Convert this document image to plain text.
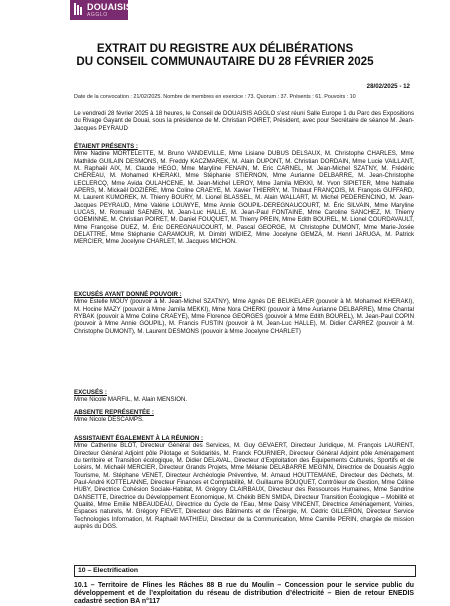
DOUAISIS
AGGLO
EXTRAIT DU REGISTRE AUX DÉLIBÉRATIONS
DU CONSEIL COMMUNAUTAIRE DU 28 FÉVRIER 2025
28/02/2025 - 12
Date de la convocation : 21/02/2025. Nombre de membres en exercice : 73. Quorum : 37. Présents : 61. Pouvoirs : 10

Le vendredi 28 février 2025 à 18 heures, le Conseil de DOUAISIS AGGLO s’est réuni Salle Europe 1 du Parc des Expositions du Rivage Gayant de Douai, sous la présidence de M. Christian POIRET, Président, avec pour Secrétaire de séance M. Jean-Jacques PEYRAUD

ÉTAIENT PRÉSENTS :

Mme Nadine MORTELETTE, M. Bruno VANDEVILLE, Mme Lisiane DUBUS DELSAUX, M. Christophe CHARLES, Mme Mathilde GUILAIN DESMONS, M. Freddy KACZMAREK, M. Alain DUPONT, M. Christian DORDAIN, Mme Lucie VAILLANT, M. Raphaël AIX, M. Claude HEGO, Mme Maryline FENAIN, M. Eric CARNEL, M. Jean-Michel SZATNY, M. Frédéric CHÉREAU, M. Mohamed KHERAKI, Mme Stéphanie STIERNON, Mme Aurianne DELBARRE, M. Jean-Christophe LECLERCQ, Mme Avida OULAHCENE, M. Jean-Michel LEROY, Mme Jamila MEKKI, M. Yvon SIPIETER, Mme Nathalie APERS, M. Mickaël DOZIÈRE, Mme Coline CRAEYE, M. Xavier THIERRY, M. Thibaut FRANÇOIS, M. François GUFFARD, M. Laurent KUMOREK, M. Thierry BOURY, M. Lionel BLASSEL, M. Alain WALLART, M. Michel PEDERENCINO, M. Jean-Jacques PEYRAUD, Mme Valérie LOUWYE, Mme Annie GOUPIL-DEREGNAUCOURT, M. Éric SILVAIN, Mme Maryline LUCAS, M. Romuald SAENEN, M. Jean-Luc HALLE, M. Jean-Paul FONTAINE, Mme Caroline SANCHEZ, M. Thierry GOEMINNE, M. Christian POIRET, M. Daniel FOUQUET, M. Thierry PREIN, Mme Edith BOUREL, M. Lionel COURDAVAULT, Mme Françoise DUEZ, M. Éric DEREGNAUCOURT, M. Pascal GEORGE, M. Christophe DUMONT, Mme Marie-Josée DELATTRE, Mme Stéphanie CARAMOUR, M. Dimitri WIDIEZ, Mme Jocelyne GEMZA, M. Henri JARUGA, M. Patrick MERCIER, Mme Jocelyne CHARLET, M. Jacques MICHON.

EXCUSÉS AYANT DONNÉ POUVOIR :

Mme Estelle MOUY (pouvoir à M. Jean-Michel SZATNY), Mme Agnès DE BEUKELAER (pouvoir à M. Mohamed KHERAKI), M. Hocine MAZY (pouvoir à Mme Jamila MEKKI), Mme Nora CHERKI (pouvoir à Mme Aurianne DELBARRE), Mme Chantal RYBAK (pouvoir à Mme Coline CRAEYE), Mme Florence GEORGES (pouvoir à Mme Edith BOUREL), M. Jean-Paul COPIN (pouvoir à Mme Annie GOUPIL), M. Francis FUSTIN (pouvoir à M. Jean-Luc HALLE), M. Didier CARREZ (pouvoir à M. Christophe DUMONT), M. Laurent DESMONS (pouvoir à Mme Jocelyne CHARLET)

EXCUSÉS :

Mme Nicole MARFIL, M. Alain MENSION.

ABSENTE REPRÉSENTÉE :

Mme Nicole DESCAMPS.

ASSISTAIENT ÉGALEMENT À LA RÉUNION :

Mme Catherine BLOT, Directeur Général des Services, M. Guy GEVAERT, Directeur Juridique, M. François LAURENT, Directeur Général Adjoint pôle Pilotage et Solidarités, M. Franck FOURNIER, Directeur Général Adjoint pôle Aménagement du territoire et Transition écologique, M. Didier DELAVAL, Directeur d’Exploitation des Équipements Culturels, Sportifs et de Loisirs, M. Michaël MERCIER, Directeur Grands Projets, Mme Mélanie DELABARRE MEGNIN, Directrice de Douaisis Agglo Tourisme, M. Stéphane VENET, Directeur Archéologie Préventive, M. Arnaud HOUTTEMANE, Directeur des Déchets, M. Paul-André KOTTELANNE, Directeur Finances et Comptabilité, M. Guillaume BOUQUET, Contrôleur de Gestion, Mme Céline HUBY, Directrice Cohésion Sociale-Habitat, M. Grégory CLAIRBAUX, Directeur des Ressources Humaines, Mme Sandrine DANSETTE, Directrice du Développement Economique, M. Chékib BEN SMIDA, Directeur Transition Écologique – Mobilité et Qualité, Mme Emilie NIBEAUDEAU, Directrice du Cycle de l’Eau, Mme Daisy VINCENT, Directrice Aménagement, Voiries, Espaces naturels, M. Grégory FIEVET, Directeur des Bâtiments et de l’Énergie, M. Cédric GILLERON, Directeur Service Technologies Information, M. Raphaël MATHIEU, Directeur de la Communication, Mme Camille PERIN, chargée de mission auprès du DGS.

10 – Electrification
10.1 – Territoire de Flines les Râches 88 B rue du Moulin – Concession pour le service public du développement et de l’exploitation du réseau de distribution d’électricité – Bien de retour ENEDIS cadastré section BA n°117
